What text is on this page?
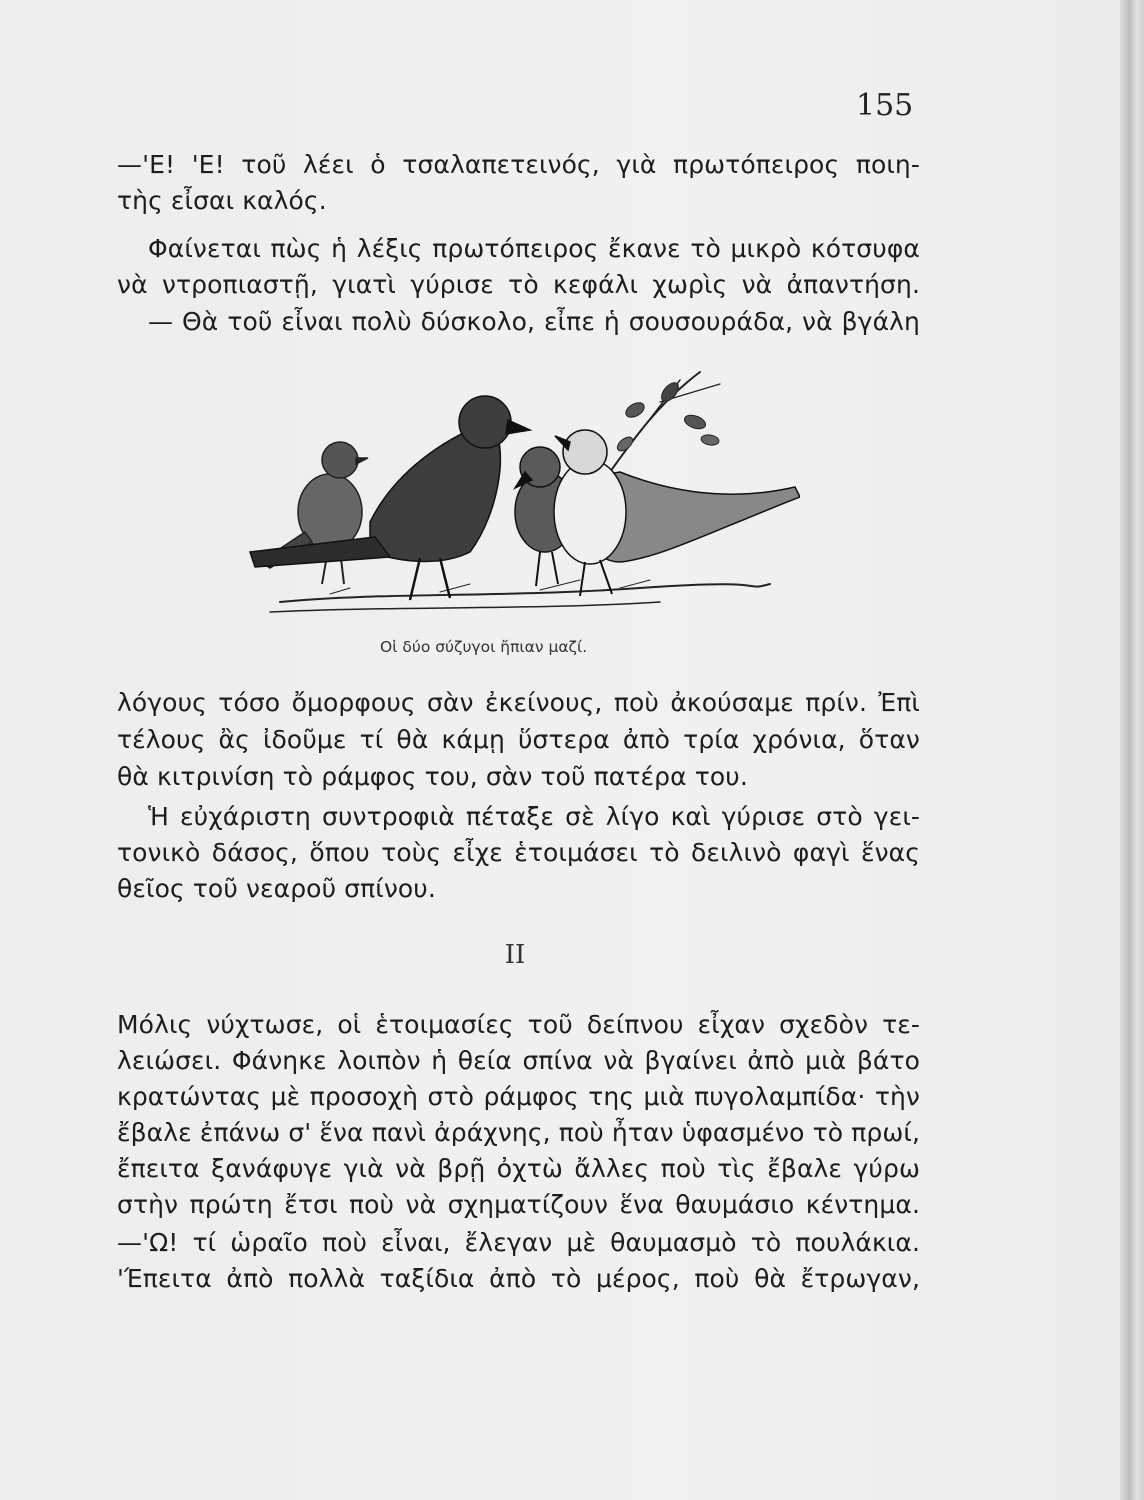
155
—'Ε! 'Ε! τοῦ λέει ὁ τσαλαπετεινός, γιὰ πρωτόπειρος ποιη-
τὴς εἶσαι καλός.
Φαίνεται πὼς ἡ λέξις πρωτόπειρος ἔκανε τὸ μικρὸ κότσυφα
νὰ ντροπιαστῇ, γιατὶ γύρισε τὸ κεφάλι χωρὶς νὰ ἀπαντήση.
— Θὰ τοῦ εἶναι πολὺ δύσκολο, εἶπε ἡ σουσουράδα, νὰ βγάλη
Οἱ δύο σύζυγοι ἤπιαν μαζί.
λόγους τόσο ὄμορφους σὰν ἐκείνους, ποὺ ἀκούσαμε πρίν. Ἐπὶ
τέλους ἂς ἰδοῦμε τί θὰ κάμῃ ὕστερα ἀπὸ τρία χρόνια, ὅταν
θὰ κιτρινίση τὸ ράμφος του, σὰν τοῦ πατέρα του.
Ἡ εὐχάριστη συντροφιὰ πέταξε σὲ λίγο καὶ γύρισε στὸ γει-
τονικὸ δάσος, ὅπου τοὺς εἶχε ἑτοιμάσει τὸ δειλινὸ φαγὶ ἕνας
θεῖος τοῦ νεαροῦ σπίνου.
ΙΙ
Μόλις νύχτωσε, οἱ ἑτοιμασίες τοῦ δείπνου εἶχαν σχεδὸν τε-
λειώσει. Φάνηκε λοιπὸν ἡ θεία σπίνα νὰ βγαίνει ἀπὸ μιὰ βάτο
κρατώντας μὲ προσοχὴ στὸ ράμφος της μιὰ πυγολαμπίδα· τὴν
ἔβαλε ἐπάνω σ' ἕνα πανὶ ἀράχνης, ποὺ ἦταν ὑφασμένο τὸ πρωί,
ἔπειτα ξανάφυγε γιὰ νὰ βρῇ ὀχτὼ ἄλλες ποὺ τὶς ἔβαλε γύρω
στὴν πρώτη ἔτσι ποὺ νὰ σχηματίζουν ἕνα θαυμάσιο κέντημα.
—'Ω! τί ὡραῖο ποὺ εἶναι, ἔλεγαν μὲ θαυμασμὸ τὸ πουλάκια.
'Έπειτα ἀπὸ πολλὰ ταξίδια ἀπὸ τὸ μέρος, ποὺ θὰ ἔτρωγαν,
